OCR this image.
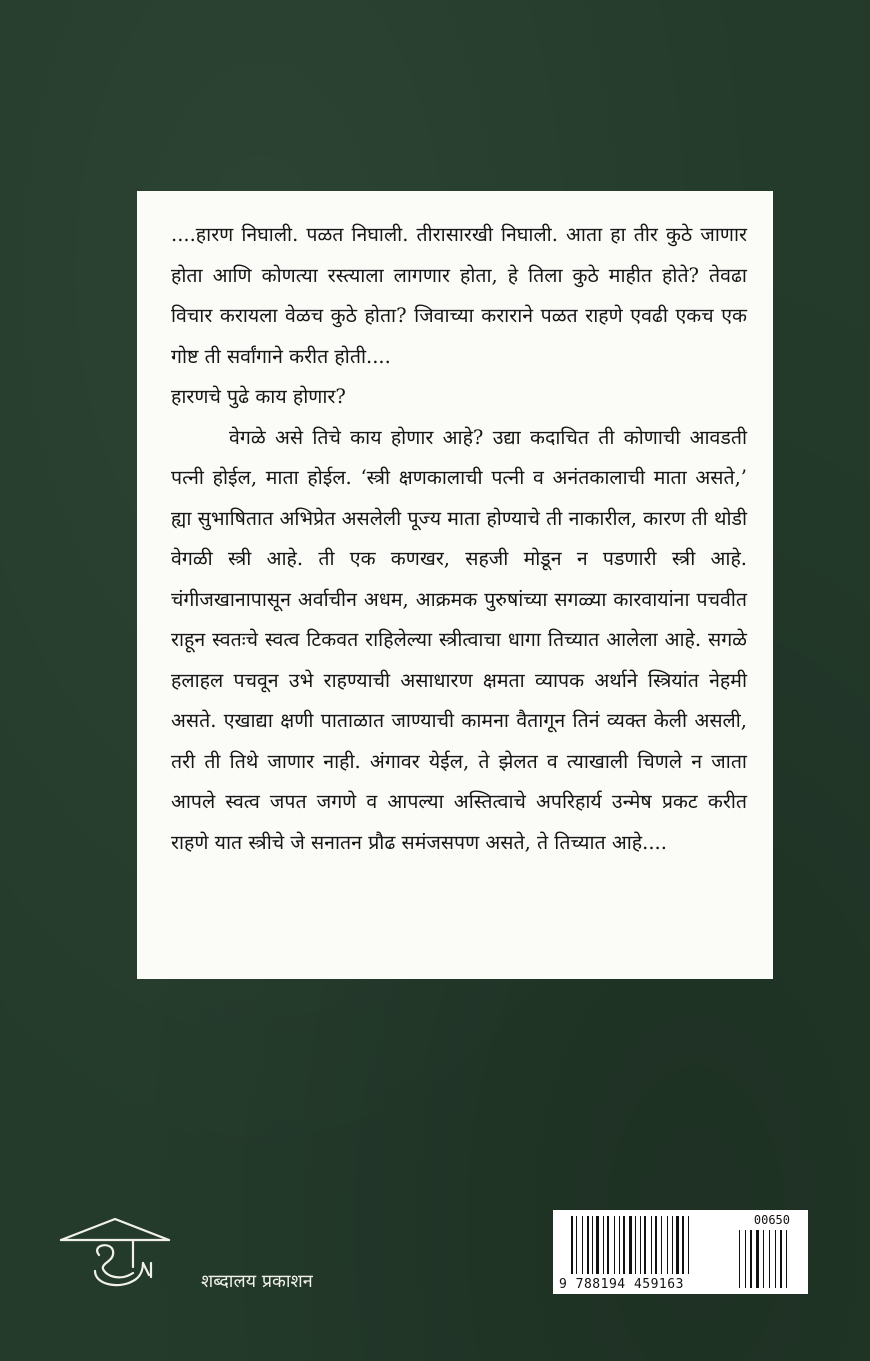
....हारण निघाली. पळत निघाली. तीरासारखी निघाली. आता हा तीर कुठे जाणार होता आणि कोणत्या रस्त्याला लागणार होता, हे तिला कुठे माहीत होते? तेवढा विचार करायला वेळच कुठे होता? जिवाच्या कराराने पळत राहणे एवढी एकच एक गोष्ट ती सर्वांगाने करीत होती....

हारणचे पुढे काय होणार?

वेगळे असे तिचे काय होणार आहे? उद्या कदाचित ती कोणाची आवडती पत्नी होईल, माता होईल. ‘स्त्री क्षणकालाची पत्नी व अनंतकालाची माता असते,’ ह्या सुभाषितात अभिप्रेत असलेली पूज्य माता होण्याचे ती नाकारील, कारण ती थोडी वेगळी स्त्री आहे. ती एक कणखर, सहजी मोडून न पडणारी स्त्री आहे. चंगीजखानापासून अर्वाचीन अधम, आक्रमक पुरुषांच्या सगळ्या कारवायांना पचवीत राहून स्वतःचे स्वत्व टिकवत राहिलेल्या स्त्रीत्वाचा धागा तिच्यात आलेला आहे. सगळे हलाहल पचवून उभे राहण्याची असाधारण क्षमता व्यापक अर्थाने स्त्रियांत नेहमी असते. एखाद्या क्षणी पाताळात जाण्याची कामना वैतागून तिनं व्यक्त केली असली, तरी ती तिथे जाणार नाही. अंगावर येईल, ते झेलत व त्याखाली चिणले न जाता आपले स्वत्व जपत जगणे व आपल्या अस्तित्वाचे अपरिहार्य उन्मेष प्रकट करीत राहणे यात स्त्रीचे जे सनातन प्रौढ समंजसपण असते, ते तिच्यात आहे....

शब्दालय प्रकाशन
00650
9 788194 459163
